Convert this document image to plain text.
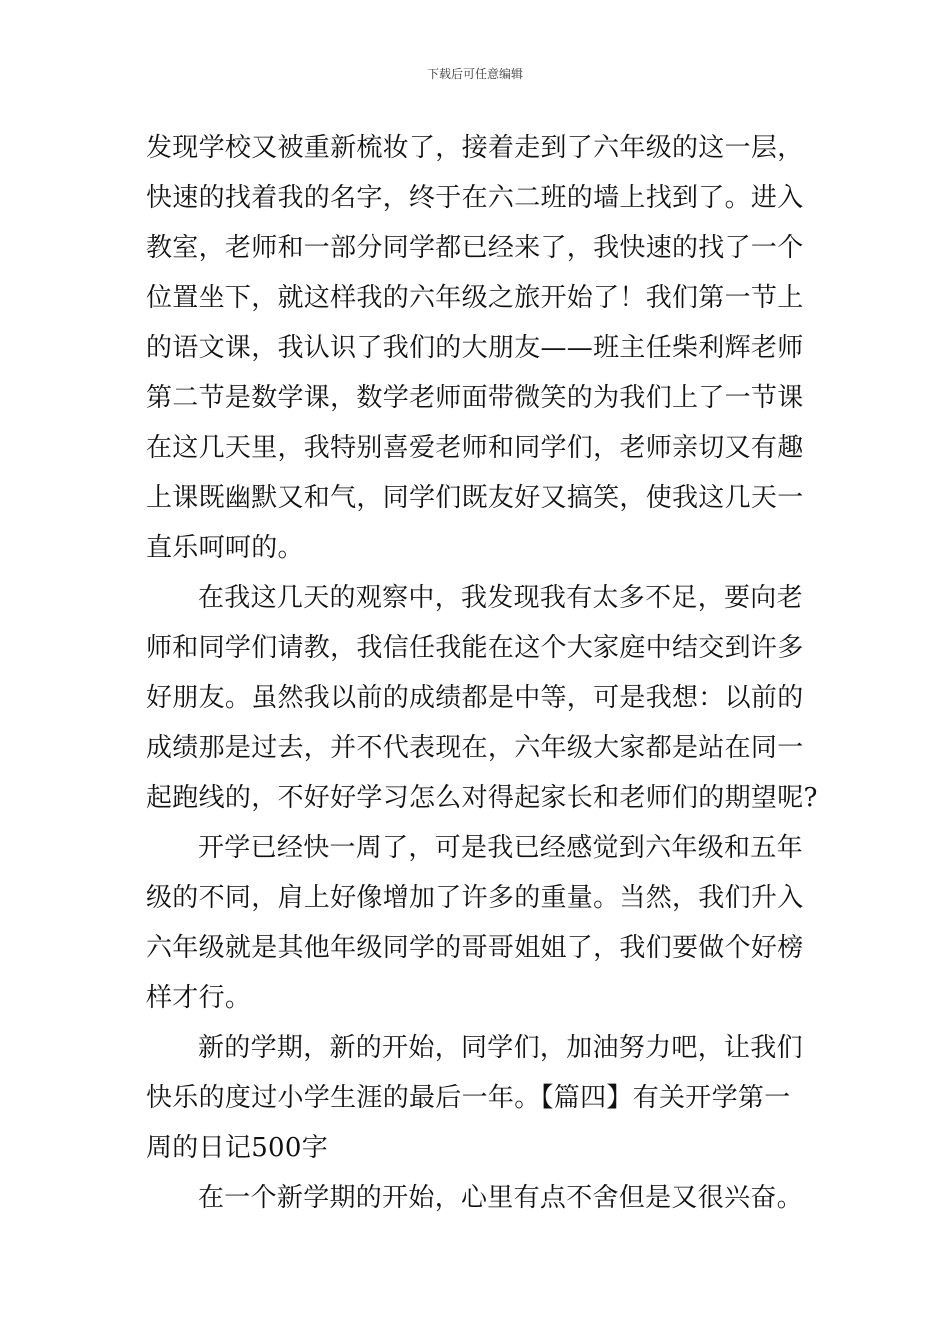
下载后可任意编辑
发现学校又被重新梳妆了，接着走到了六年级的这一层，
快速的找着我的名字，终于在六二班的墙上找到了。进入
教室，老师和一部分同学都已经来了，我快速的找了一个
位置坐下，就这样我的六年级之旅开始了！我们第一节上
的语文课，我认识了我们的大朋友——班主任柴利辉老师
第二节是数学课，数学老师面带微笑的为我们上了一节课
在这几天里，我特别喜爱老师和同学们，老师亲切又有趣
上课既幽默又和气，同学们既友好又搞笑，使我这几天一
直乐呵呵的。
在我这几天的观察中，我发现我有太多不足，要向老
师和同学们请教，我信任我能在这个大家庭中结交到许多
好朋友。虽然我以前的成绩都是中等，可是我想：以前的
成绩那是过去，并不代表现在，六年级大家都是站在同一
起跑线的，不好好学习怎么对得起家长和老师们的期望呢?
开学已经快一周了，可是我已经感觉到六年级和五年
级的不同，肩上好像增加了许多的重量。当然，我们升入
六年级就是其他年级同学的哥哥姐姐了，我们要做个好榜
样才行。
新的学期，新的开始，同学们，加油努力吧，让我们
快乐的度过小学生涯的最后一年。【篇四】有关开学第一
周的日记500字
在一个新学期的开始，心里有点不舍但是又很兴奋。
